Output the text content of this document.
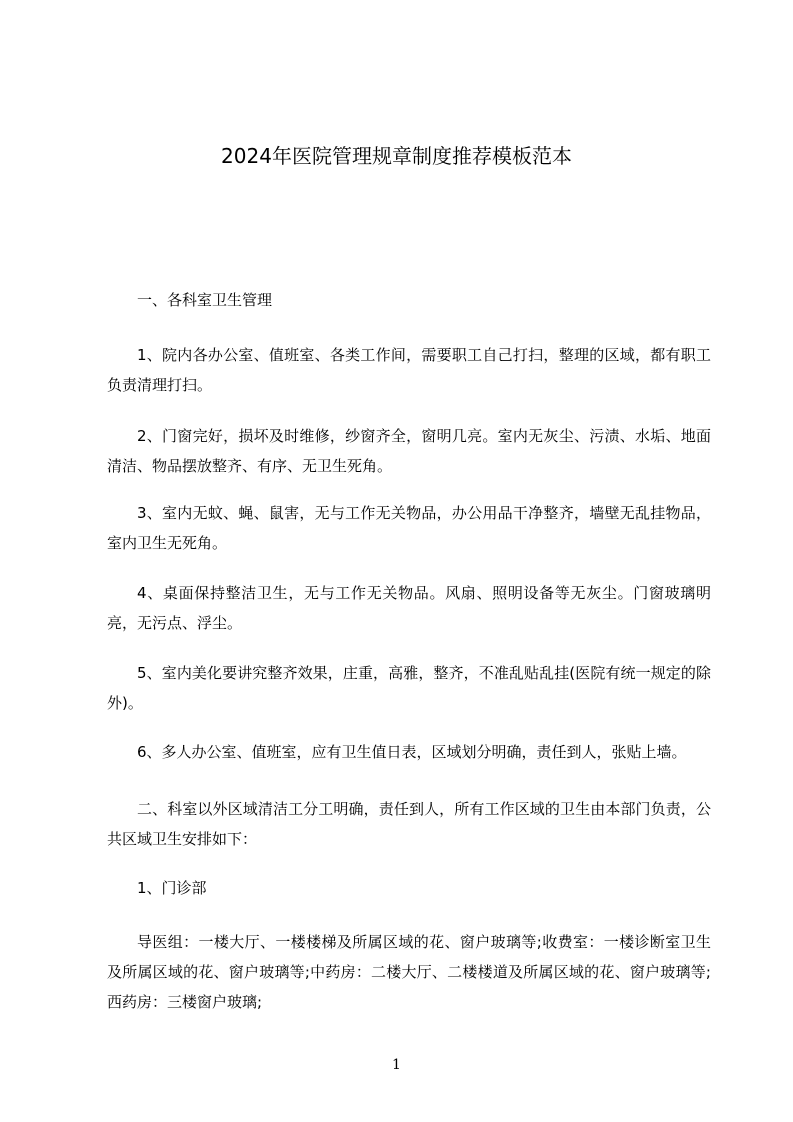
2024年医院管理规章制度推荐模板范本
一、各科室卫生管理
1、院内各办公室、值班室、各类工作间，需要职工自己打扫，整理的区域，都有职工负责清理打扫。
2、门窗完好，损坏及时维修，纱窗齐全，窗明几亮。室内无灰尘、污渍、水垢、地面清洁、物品摆放整齐、有序、无卫生死角。
3、室内无蚊、蝇、鼠害，无与工作无关物品，办公用品干净整齐，墙壁无乱挂物品，室内卫生无死角。
4、桌面保持整洁卫生，无与工作无关物品。风扇、照明设备等无灰尘。门窗玻璃明亮，无污点、浮尘。
5、室内美化要讲究整齐效果，庄重，高雅，整齐，不准乱贴乱挂(医院有统一规定的除外)。
6、多人办公室、值班室，应有卫生值日表，区域划分明确，责任到人，张贴上墙。
二、科室以外区域清洁工分工明确，责任到人，所有工作区域的卫生由本部门负责，公共区域卫生安排如下：
1、门诊部
导医组：一楼大厅、一楼楼梯及所属区域的花、窗户玻璃等;收费室：一楼诊断室卫生及所属区域的花、窗户玻璃等;中药房：二楼大厅、二楼楼道及所属区域的花、窗户玻璃等;西药房：三楼窗户玻璃;
1
